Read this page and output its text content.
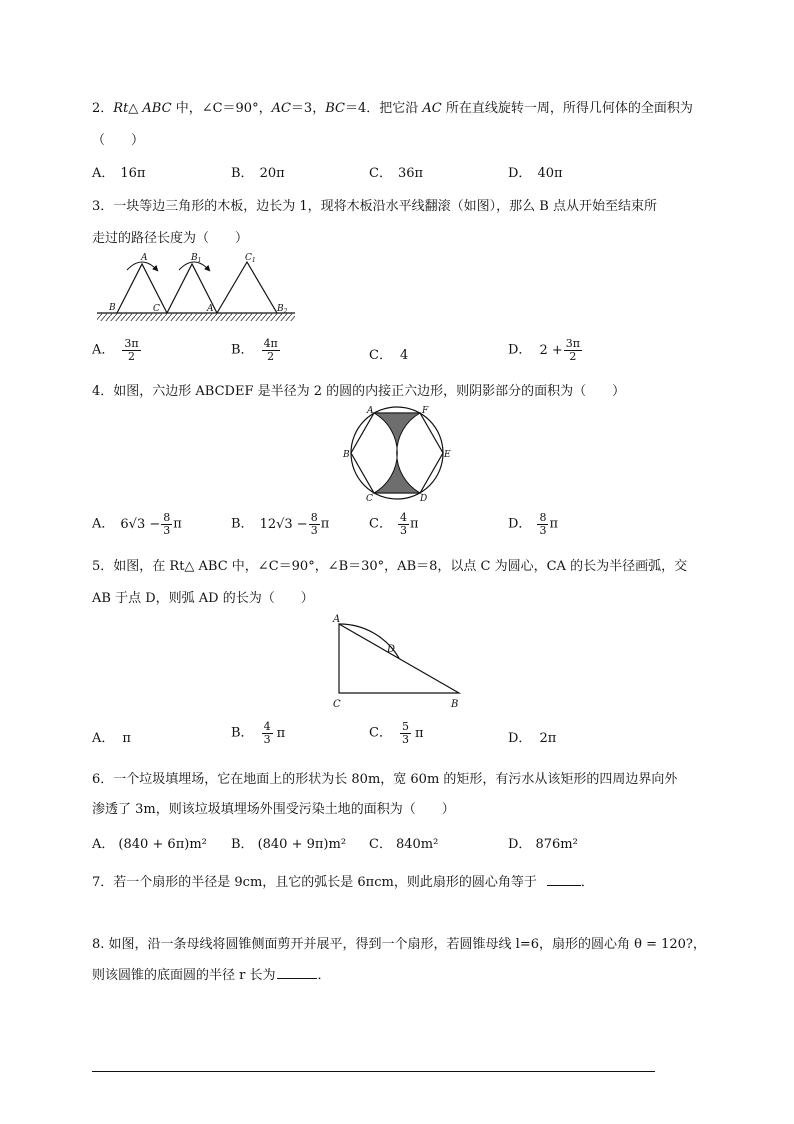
2．Rt△ ABC 中，∠C＝90°，AC＝3，BC＝4．把它沿 AC 所在直线旋转一周，所得几何体的全面积为
（　　）
A． 16π	B． 20π	C． 36π	D． 40π
3．一块等边三角形的木板，边长为 1，现将木板沿水平线翻滚（如图），那么 B 点从开始至结束所
走过的路径长度为（　　）
A	$B_1$	$C_1$
B	C	A	$B_2$
A． $\frac{3\pi}{2}$	B． $\frac{4\pi}{2}$	C． 4	D． $2 + \frac{3\pi}{2}$
4．如图，六边形 ABCDEF 是半径为 2 的圆的内接正六边形，则阴影部分的面积为（　　）
A	F
B	E
C	D
A． $6√3 - \frac{8}{3}$ π	B． $12√3 - \frac{8}{3}$ π	C． $\frac{4}{3}$ π	D． $\frac{8}{3}$ π
5．如图，在 Rt△ ABC 中，∠C＝90°，∠B＝30°，AB＝8，以点 C 为圆心，CA 的长为半径画弧，交
AB 于点 D，则弧 AD 的长为（　　）
A
D
C	B
A． π	B． $\frac{4}{3}$ π	C． $\frac{5}{3}$ π	D． 2π
6．一个垃圾填埋场，它在地面上的形状为长 80m，宽 60m 的矩形，有污水从该矩形的四周边界向外
渗透了 3m，则该垃圾填埋场外围受污染土地的面积为（　　）
A． (840 + 6π)m² B． (840 + 9π)m² C． 840m²	D． 876m²
7．若一个扇形的半径是 9cm，且它的弧长是 6πcm，则此扇形的圆心角等于	．
8. 如图，沿一条母线将圆锥侧面剪开并展平，得到一个扇形，若圆锥母线 l=6，扇形的圆心角 θ = 120?，
则该圆锥的底面圆的半径 r 长为	．
